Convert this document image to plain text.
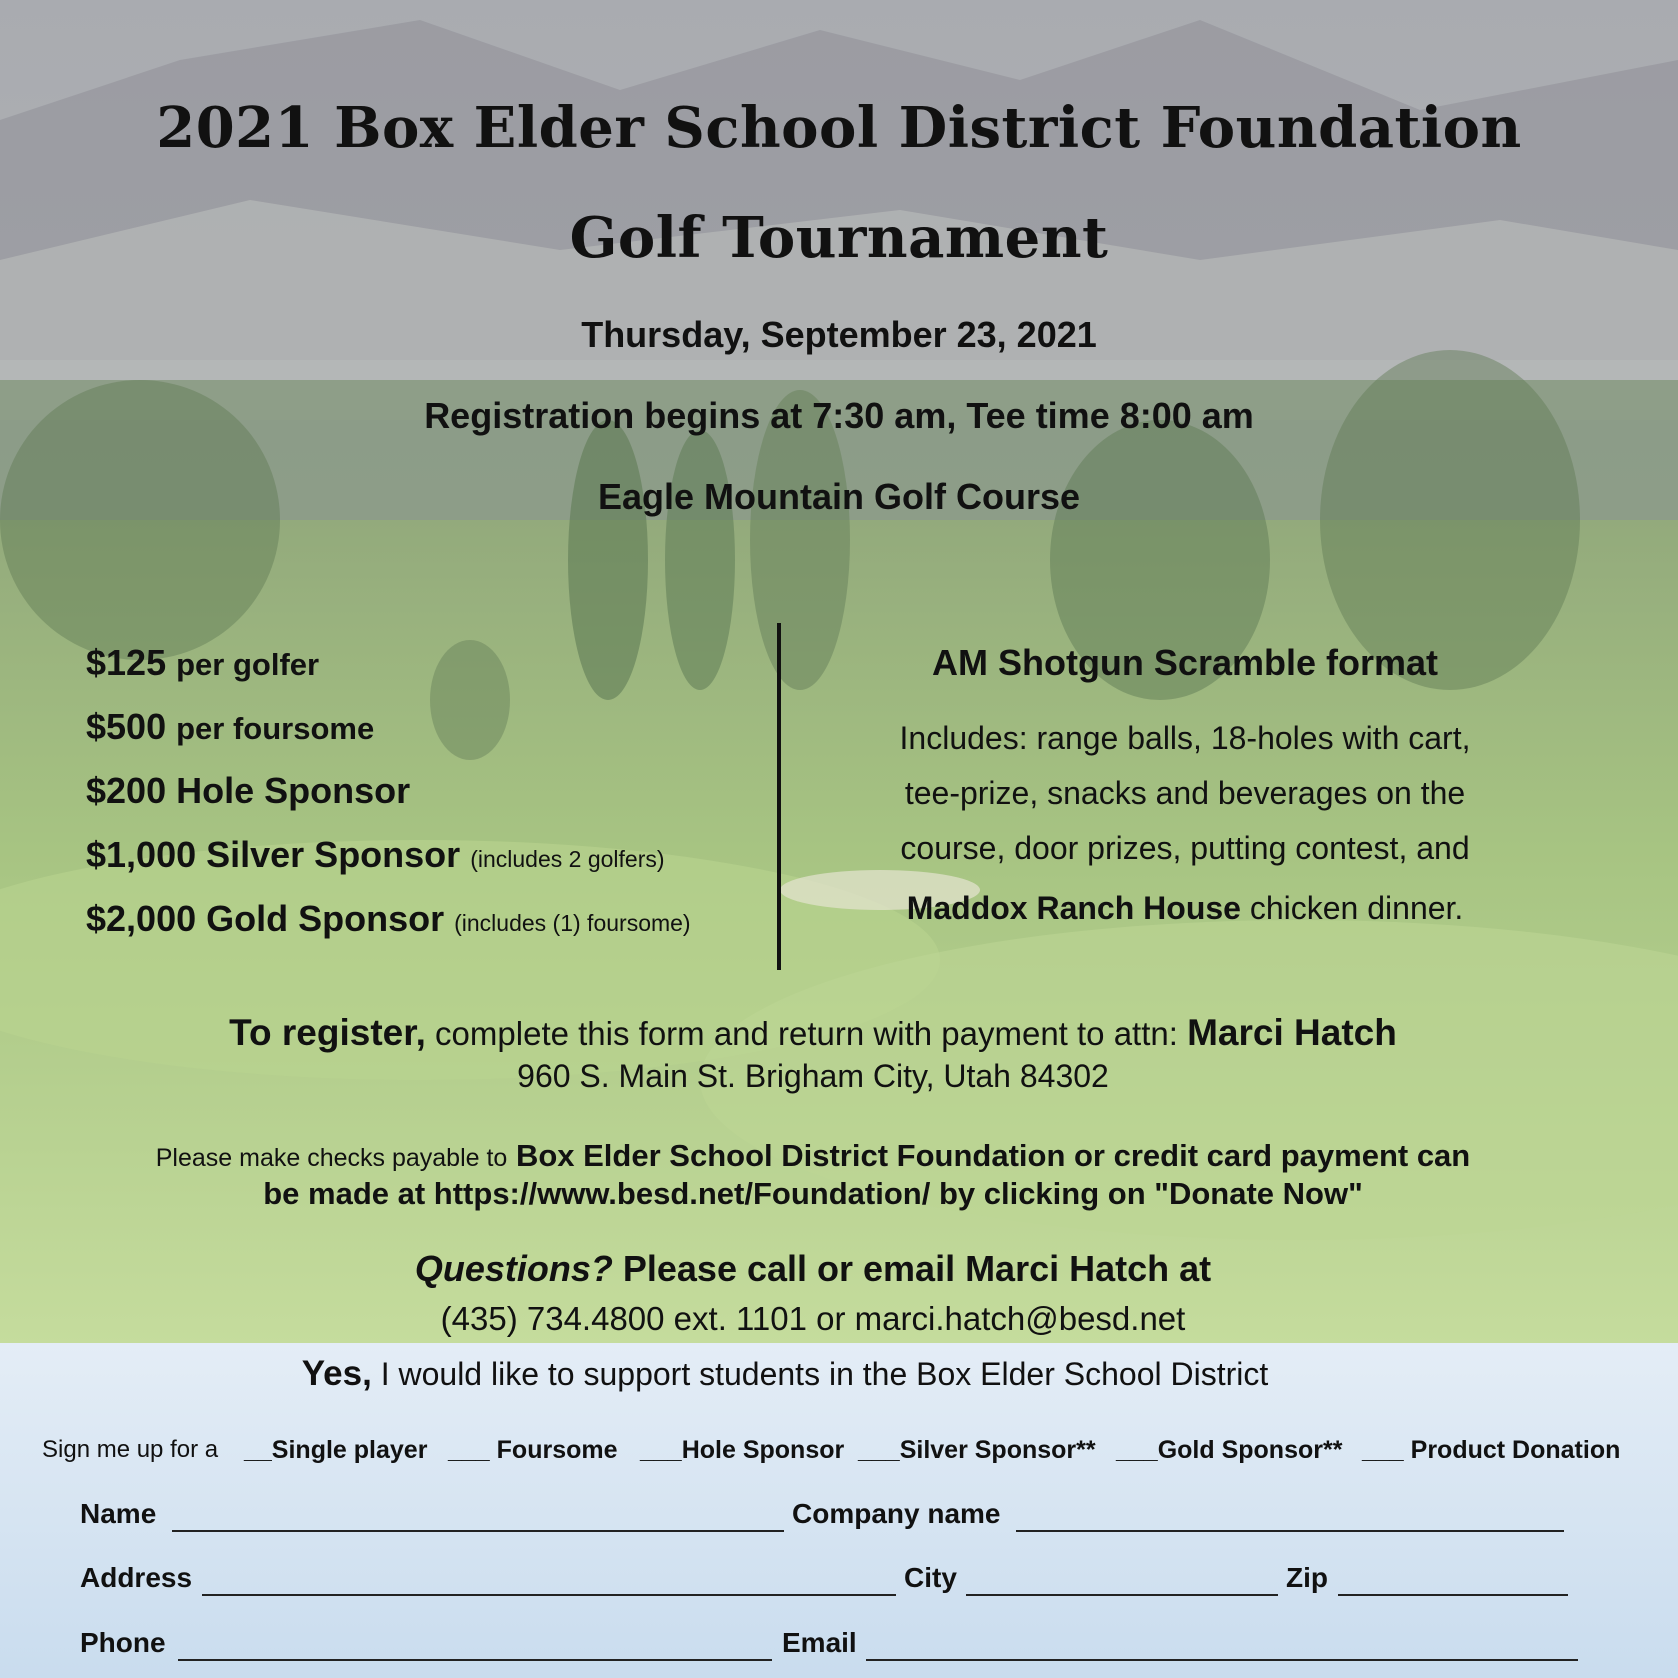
2021 Box Elder School District Foundation
Golf Tournament
Thursday, September 23, 2021
Registration begins at 7:30 am, Tee time 8:00 am
Eagle Mountain Golf Course
$125 per golfer
$500 per foursome
$200 Hole Sponsor
$1,000 Silver Sponsor (includes 2 golfers)
$2,000 Gold Sponsor (includes (1) foursome)
AM Shotgun Scramble format
Includes: range balls, 18-holes with cart,
tee-prize, snacks and beverages on the
course, door prizes, putting contest, and
Maddox Ranch House chicken dinner.
To register, complete this form and return with payment to attn: Marci Hatch
960 S. Main St. Brigham City, Utah 84302
Please make checks payable to Box Elder School District Foundation or credit card payment can
be made at https://www.besd.net/Foundation/ by clicking on "Donate Now"
Questions? Please call or email Marci Hatch at
(435) 734.4800 ext. 1101 or marci.hatch@besd.net
Yes, I would like to support students in the Box Elder School District
Sign me up for a __Single player ___ Foursome ___Hole Sponsor ___Silver Sponsor** ___Gold Sponsor** ___ Product Donation
Name	Company name
Address	City	Zip
Phone	Email
